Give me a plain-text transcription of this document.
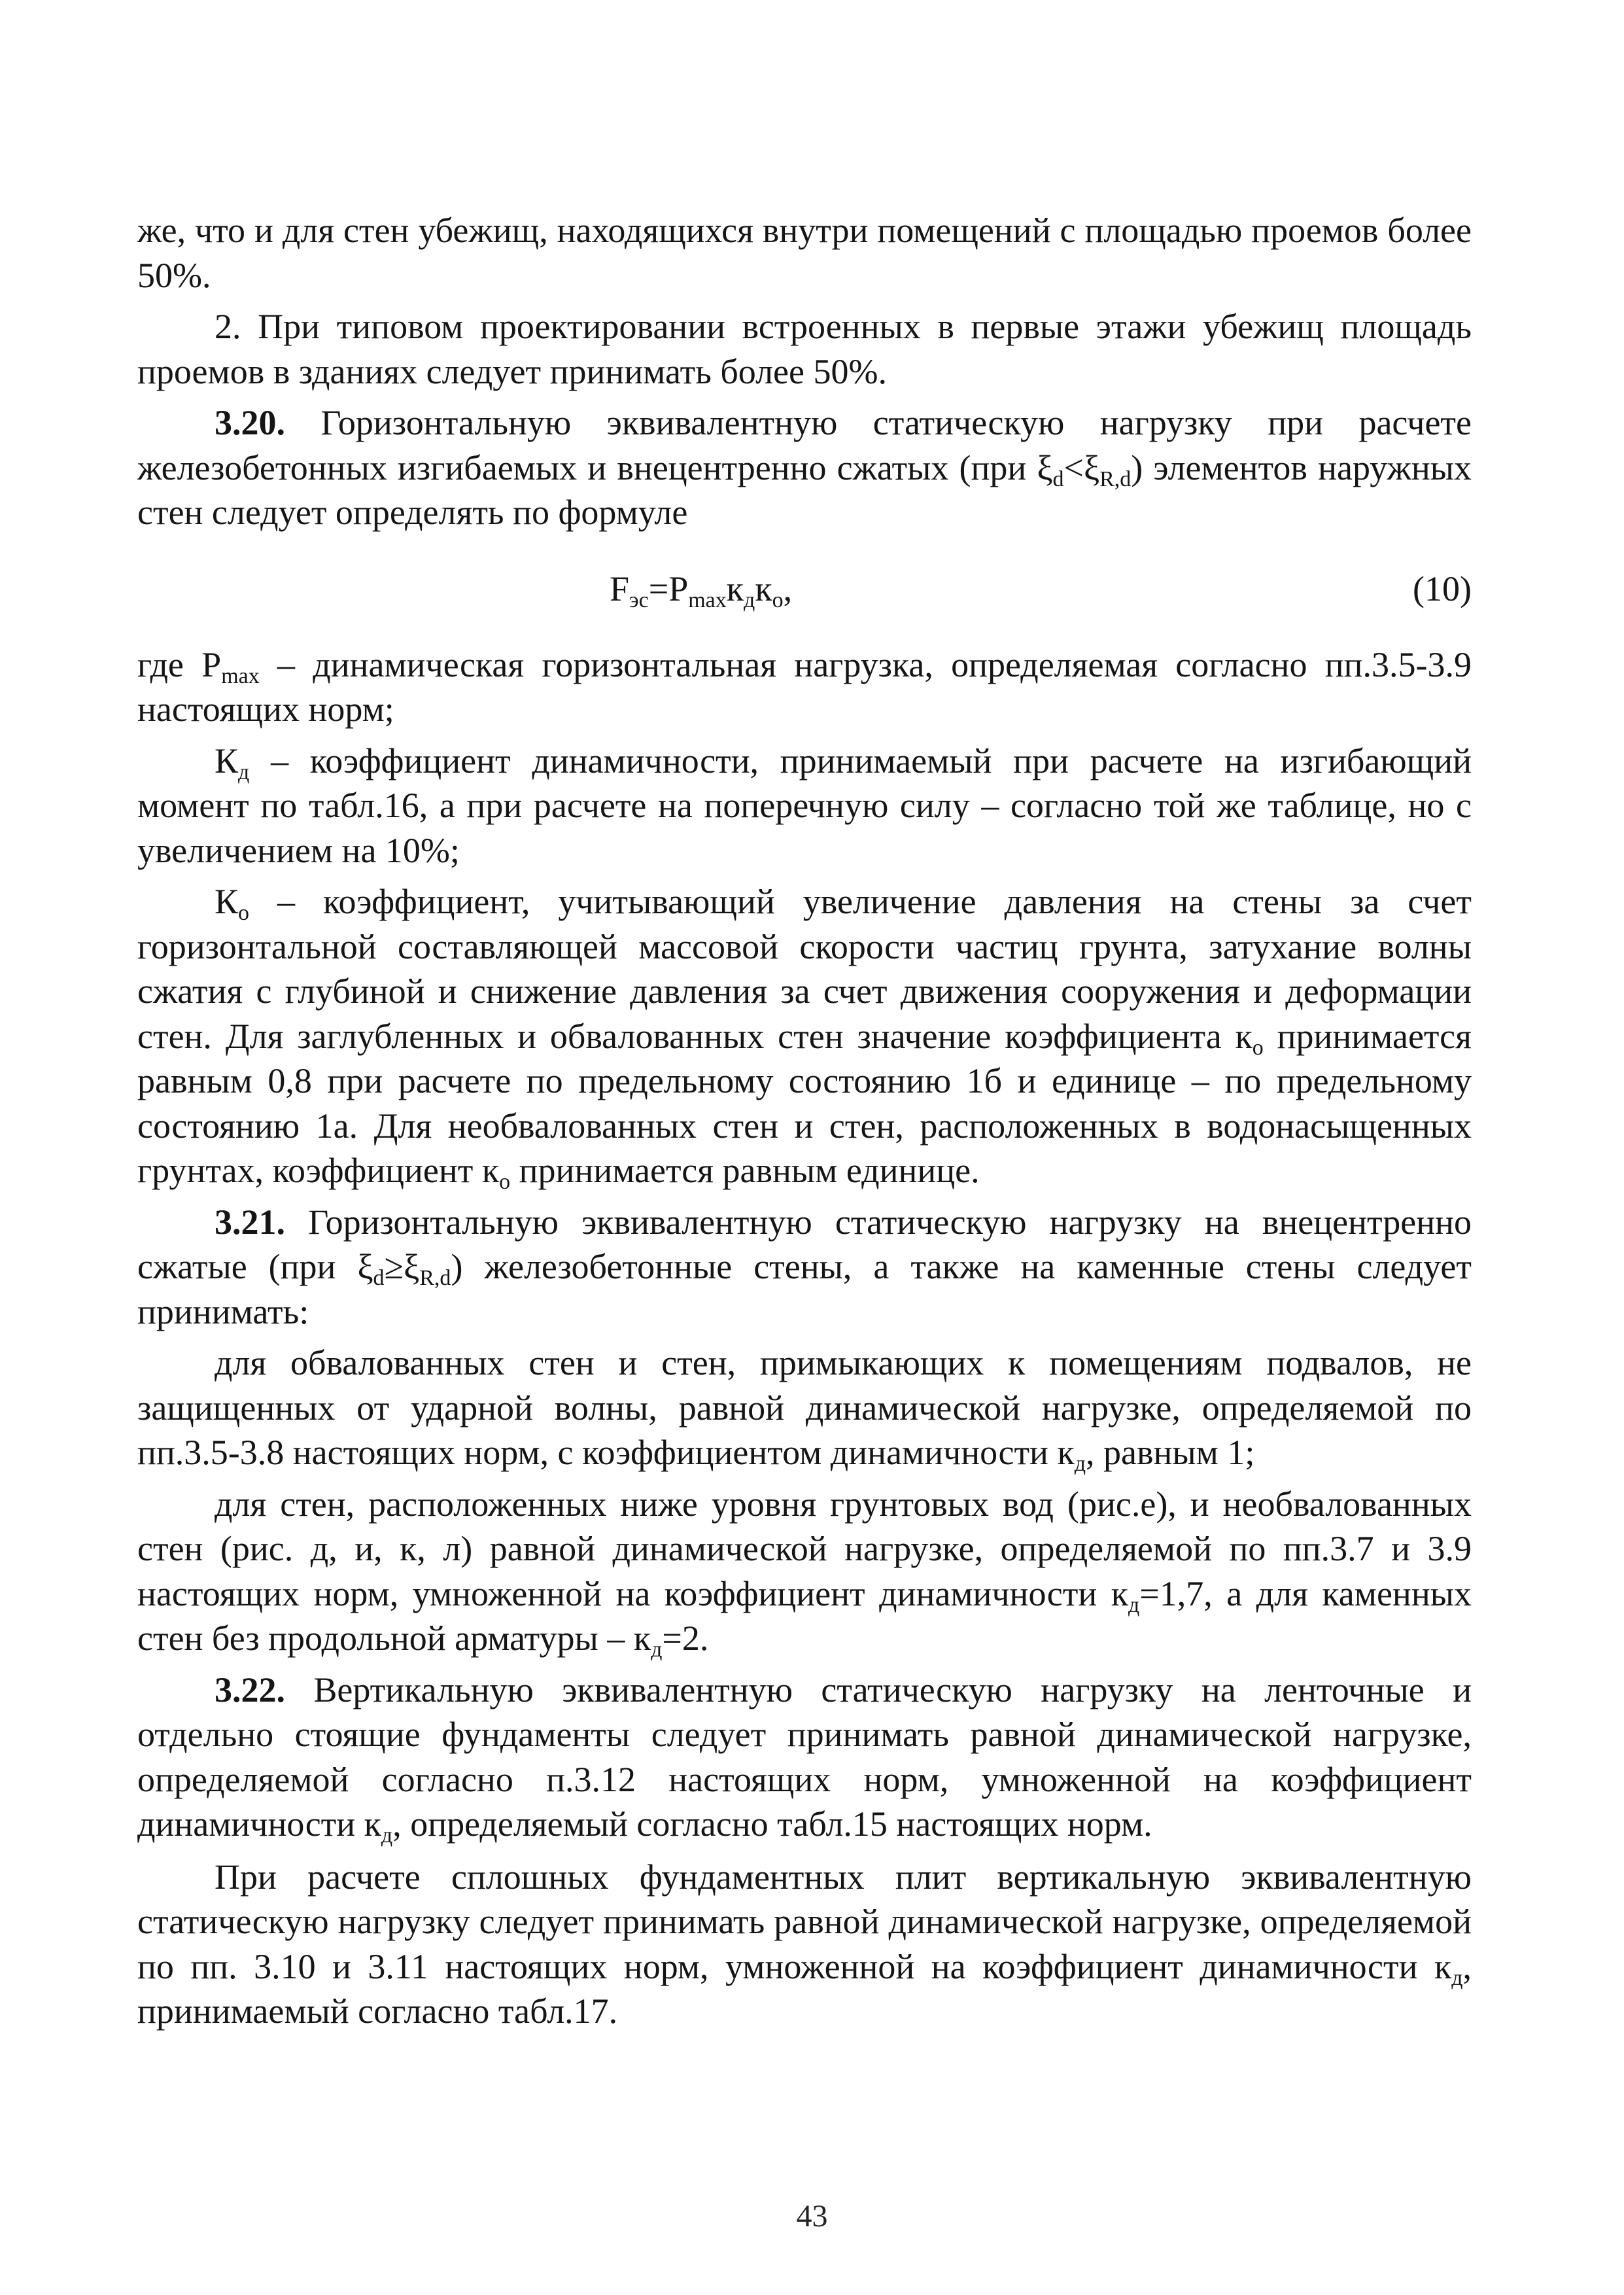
же, что и для стен убежищ, находящихся внутри помещений с площадью проемов более 50%.

2. При типовом проектировании встроенных в первые этажи убежищ площадь проемов в зданиях следует принимать более 50%.

3.20. Горизонтальную эквивалентную статическую нагрузку при расчете железобетонных изгибаемых и внецентренно сжатых (при $\xi_d<\xi_{R,d}$) элементов наружных стен следует определять по формуле

$F_{эс}=P_{max}к_дк_о$,	(10)

где $P_{max}$ – динамическая горизонтальная нагрузка, определяемая согласно пп.3.5-3.9 настоящих норм;

$К_д$ – коэффициент динамичности, принимаемый при расчете на изгибающий момент по табл.16, а при расчете на поперечную силу – согласно той же таблице, но с увеличением на 10%;

$К_о$ – коэффициент, учитывающий увеличение давления на стены за счет горизонтальной составляющей массовой скорости частиц грунта, затухание волны сжатия с глубиной и снижение давления за счет движения сооружения и деформации стен. Для заглубленных и обвалованных стен значение коэффициента $к_о$ принимается равным 0,8 при расчете по предельному состоянию 1б и единице – по предельному состоянию 1а. Для необвалованных стен и стен, расположенных в водонасыщенных грунтах, коэффициент $к_о$ принимается равным единице.

3.21. Горизонтальную эквивалентную статическую нагрузку на внецентренно сжатые (при $\xi_d\ge\xi_{R,d}$) железобетонные стены, а также на каменные стены следует принимать:

для обвалованных стен и стен, примыкающих к помещениям подвалов, не защищенных от ударной волны, равной динамической нагрузке, определяемой по пп.3.5-3.8 настоящих норм, с коэффициентом динамичности $к_д$, равным 1;

для стен, расположенных ниже уровня грунтовых вод (рис.е), и необвалованных стен (рис. д, и, к, л) равной динамической нагрузке, определяемой по пп.3.7 и 3.9 настоящих норм, умноженной на коэффициент динамичности $к_д=1,7$, а для каменных стен без продольной арматуры – $к_д=2$.

3.22. Вертикальную эквивалентную статическую нагрузку на ленточные и отдельно стоящие фундаменты следует принимать равной динамической нагрузке, определяемой согласно п.3.12 настоящих норм, умноженной на коэффициент динамичности $к_д$, определяемый согласно табл.15 настоящих норм.

При расчете сплошных фундаментных плит вертикальную эквивалентную статическую нагрузку следует принимать равной динамической нагрузке, определяемой по пп. 3.10 и 3.11 настоящих норм, умноженной на коэффициент динамичности $к_д$, принимаемый согласно табл.17.

43
